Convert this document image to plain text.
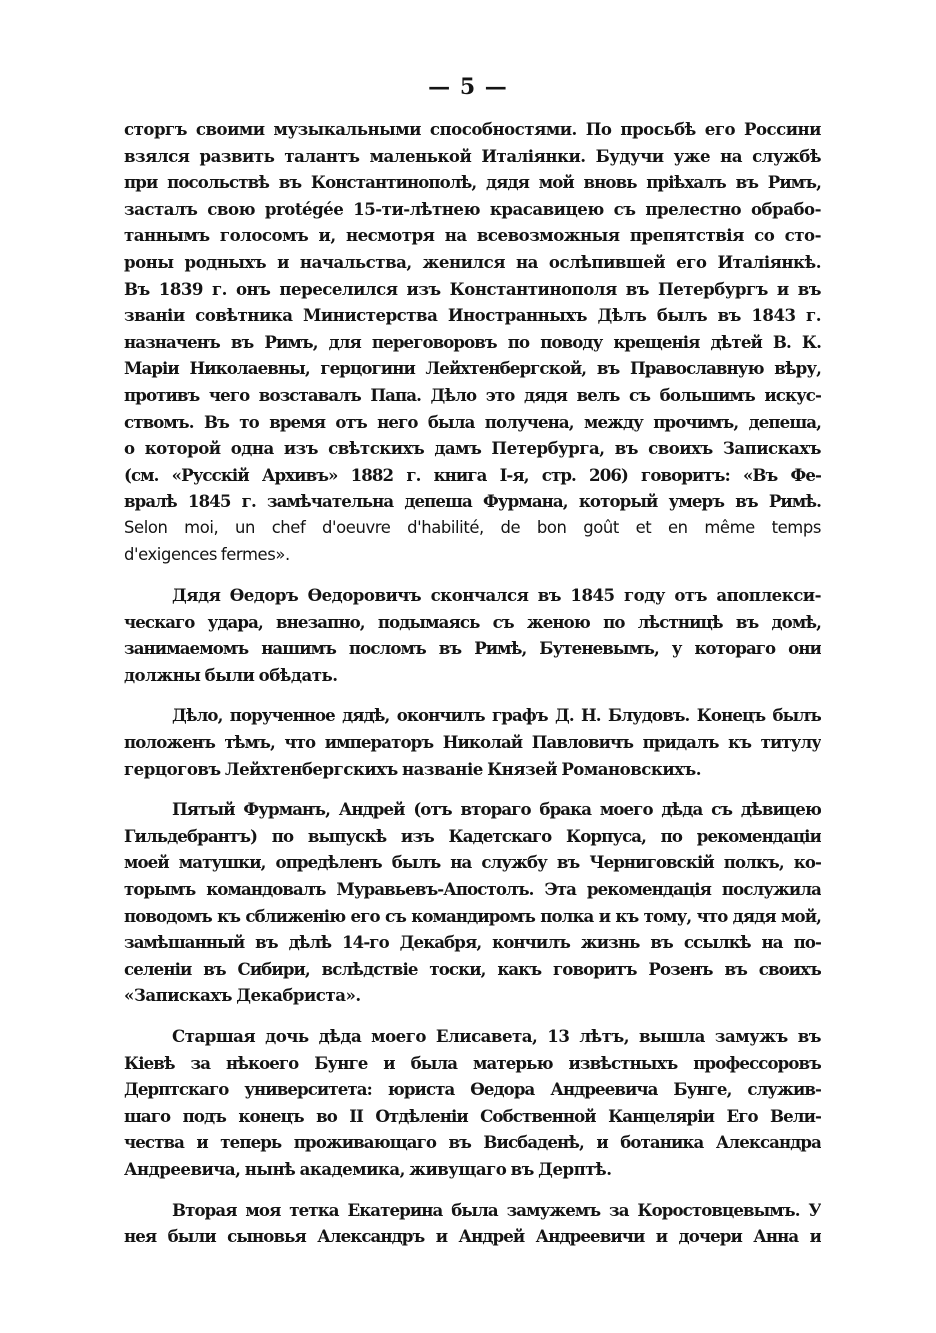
— 5 —

сторгъ своими музыкальными способностями. По просьбѣ его Россини
взялся развить талантъ маленькой Италіянки. Будучи уже на службѣ
при посольствѣ въ Константинополѣ, дядя мой вновь пріѣхалъ въ Римъ,
засталъ свою protégée 15-ти-лѣтнею красавицею съ прелестно обрабо-
таннымъ голосомъ и, несмотря на всевозможныя препятствія со сто-
роны родныхъ и начальства, женился на ослѣпившей его Италіянкѣ.
Въ 1839 г. онъ переселился изъ Константинополя въ Петербургъ и въ
званіи совѣтника Министерства Иностранныхъ Дѣлъ былъ въ 1843 г.
назначенъ въ Римъ, для переговоровъ по поводу крещенія дѣтей В. К.
Маріи Николаевны, герцогини Лейхтенбергской, въ Православную вѣру,
противъ чего возставалъ Папа. Дѣло это дядя велъ съ большимъ искус-
ствомъ. Въ то время отъ него была получена, между прочимъ, депеша,
о которой одна изъ свѣтскихъ дамъ Петербурга, въ своихъ Запискахъ
(см. «Русскій Архивъ» 1882 г. книга І-я, стр. 206) говоритъ: «Въ Фе-
вралѣ 1845 г. замѣчательна депеша Фурмана, который умеръ въ Римѣ.
Selon moi, un chef d'oeuvre d'habilité, de bon goût et en même temps
d'exigences fermes».

Дядя Ѳедоръ Ѳедоровичъ скончался въ 1845 году отъ апоплекси-
ческаго удара, внезапно, подымаясь съ женою по лѣстницѣ въ домѣ,
занимаемомъ нашимъ посломъ въ Римѣ, Бутеневымъ, у котораго они
должны были обѣдать.

Дѣло, порученное дядѣ, окончилъ графъ Д. Н. Блудовъ. Конецъ былъ
положенъ тѣмъ, что императоръ Николай Павловичъ придалъ къ титулу
герцоговъ Лейхтенбергскихъ названіе Князей Романовскихъ.

Пятый Фурманъ, Андрей (отъ втораго брака моего дѣда съ дѣвицею
Гильдебрантъ) по выпускѣ изъ Кадетскаго Корпуса, по рекомендаціи
моей матушки, опредѣленъ былъ на службу въ Черниговскій полкъ, ко-
торымъ командовалъ Муравьевъ-Апостолъ. Эта рекомендація послужила
поводомъ къ сближенію его съ командиромъ полка и къ тому, что дядя мой,
замѣшанный въ дѣлѣ 14-го Декабря, кончилъ жизнь въ ссылкѣ на по-
селеніи въ Сибири, вслѣдствіе тоски, какъ говоритъ Розенъ въ своихъ
«Запискахъ Декабриста».

Старшая дочь дѣда моего Елисавета, 13 лѣтъ, вышла замужъ въ
Кіевѣ за нѣкоего Бунге и была матерью извѣстныхъ профессоровъ
Дерптскаго университета: юриста Ѳедора Андреевича Бунге, служив-
шаго подъ конецъ во II Отдѣленіи Собственной Канцеляріи Его Вели-
чества и теперь проживающаго въ Висбаденѣ, и ботаника Александра
Андреевича, нынѣ академика, живущаго въ Дерптѣ.

Вторая моя тетка Екатерина была замужемъ за Коростовцевымъ. У
нея были сыновья Александръ и Андрей Андреевичи и дочери Анна и
